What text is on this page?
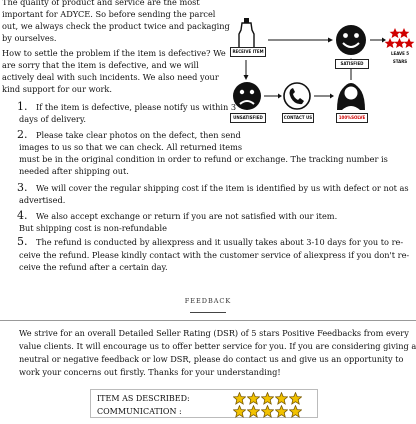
The quality of product and service are the most
important for ADYCE. So before sending the parcel
out, we always check the product twice and packaging
by ourselves.
How to settle the problem if the item is defective? We
are sorry that the item is defective, and we will
actively deal with such incidents. We also need your
kind support for our work.
RECEIVE ITEM
SATISFIED
LEAVE 5 STARS
UNSATISFIED	CONTACT US	100%SOLVE
1. If the item is defective, please notify us within 3
days of delivery.
2. Please take clear photos on the defect, then send
images to us so that we can check. All returned items
must be in the original condition in order to refund or exchange. The tracking number is
needed after shipping out.
3. We will cover the regular shipping cost if the item is identified by us with defect or not as
advertised.
4. We also accept exchange or return if you are not satisfied with our item.
But shipping cost is non-refundable
5. The refund is conducted by aliexpress and it usually takes about 3-10 days for you to re-
ceive the refund. Please kindly contact with the customer service of aliexpress if you don't re-
ceive the refund after a certain day.
FEEDBACK
We strive for an overall Detailed Seller Rating (DSR) of 5 stars Positive Feedbacks from every
value clients. It will encourage us to offer better service for you. If you are considering giving a
neutral or negative feedback or low DSR, please do contact us and give us an opportunity to
work your concerns out firstly. Thanks for your understanding!
ITEM AS DESCRIBED:
COMMUNICATION :
